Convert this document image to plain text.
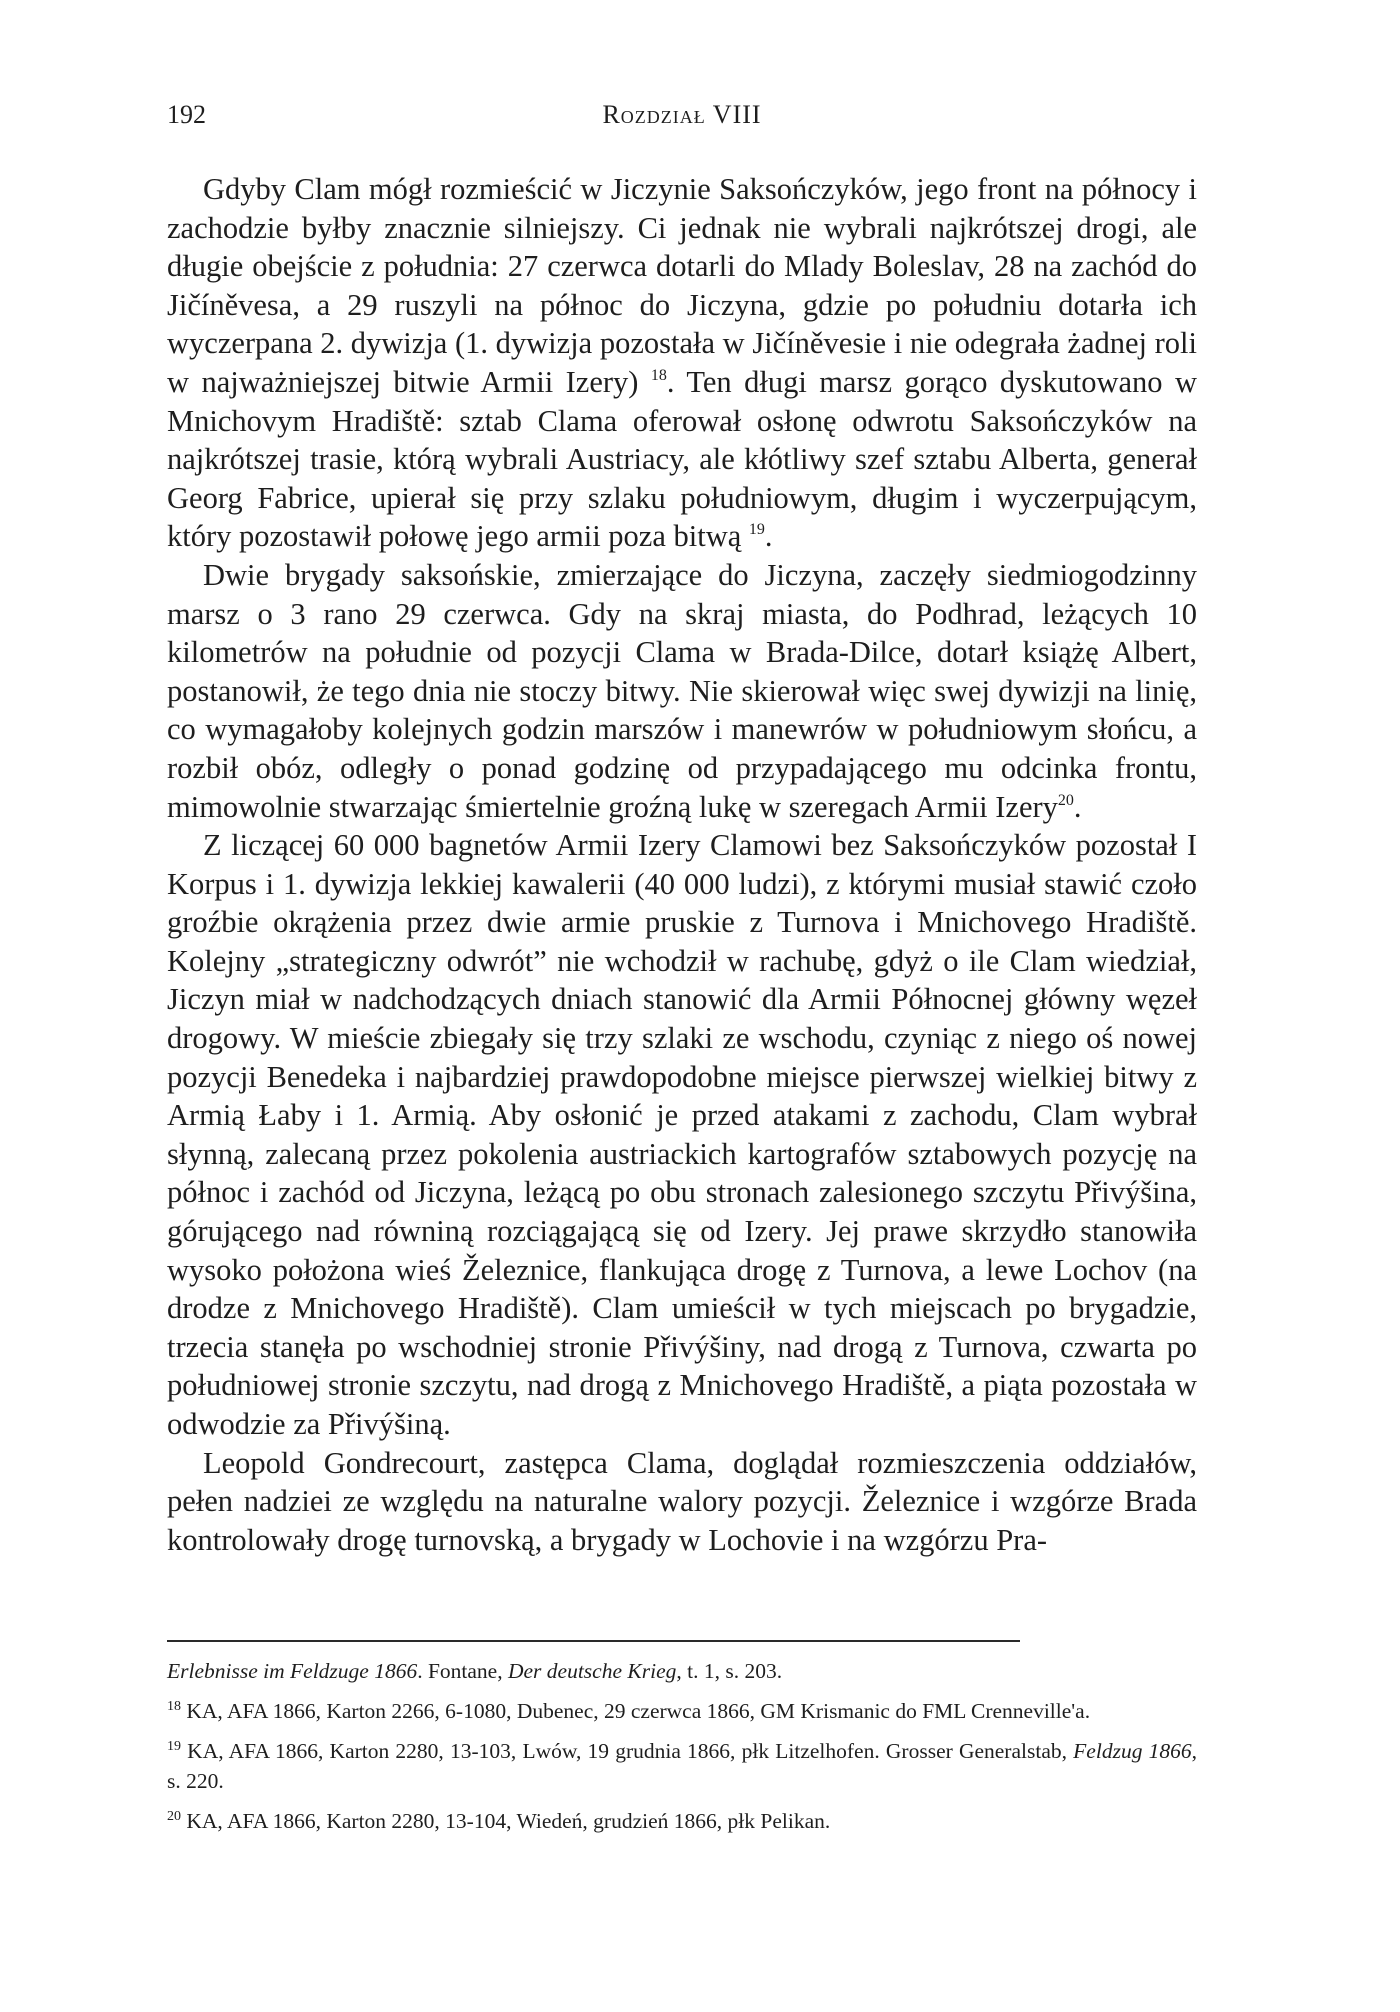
192	Rozdział VIII

Gdyby Clam mógł rozmieścić w Jiczynie Saksończyków, jego front na północy i zachodzie byłby znacznie silniejszy. Ci jednak nie wybrali najkrótszej drogi, ale długie obejście z południa: 27 czerwca dotarli do Mlady Boleslav, 28 na zachód do Jičíněvesa, a 29 ruszyli na północ do Jiczyna, gdzie po południu dotarła ich wyczerpana 2. dywizja (1. dywizja pozostała w Jičíněvesie i nie odegrała żadnej roli w najważniejszej bitwie Armii Izery) $^{18}$. Ten długi marsz gorąco dyskutowano w Mnichovym Hradiště: sztab Clama oferował osłonę odwrotu Saksończyków na najkrótszej trasie, którą wybrali Austriacy, ale kłótliwy szef sztabu Alberta, generał Georg Fabrice, upierał się przy szlaku południowym, długim i wyczerpującym, który pozostawił połowę jego armii poza bitwą $^{19}$.

Dwie brygady saksońskie, zmierzające do Jiczyna, zaczęły siedmiogodzinny marsz o 3 rano 29 czerwca. Gdy na skraj miasta, do Podhrad, leżących 10 kilometrów na południe od pozycji Clama w Brada-Dilce, dotarł książę Albert, postanowił, że tego dnia nie stoczy bitwy. Nie skierował więc swej dywizji na linię, co wymagałoby kolejnych godzin marszów i manewrów w południowym słońcu, a rozbił obóz, odległy o ponad godzinę od przypadającego mu odcinka frontu, mimowolnie stwarzając śmiertelnie groźną lukę w szeregach Armii Izery$^{20}$.

Z liczącej 60 000 bagnetów Armii Izery Clamowi bez Saksończyków pozostał I Korpus i 1. dywizja lekkiej kawalerii (40 000 ludzi), z którymi musiał stawić czoło groźbie okrążenia przez dwie armie pruskie z Turnova i Mnichovego Hradiště. Kolejny „strategiczny odwrót” nie wchodził w rachubę, gdyż o ile Clam wiedział, Jiczyn miał w nadchodzących dniach stanowić dla Armii Północnej główny węzeł drogowy. W mieście zbiegały się trzy szlaki ze wschodu, czyniąc z niego oś nowej pozycji Benedeka i najbardziej prawdopodobne miejsce pierwszej wielkiej bitwy z Armią Łaby i 1. Armią. Aby osłonić je przed atakami z zachodu, Clam wybrał słynną, zalecaną przez pokolenia austriackich kartografów sztabowych pozycję na północ i zachód od Jiczyna, leżącą po obu stronach zalesionego szczytu Přivýšina, górującego nad równiną rozciągającą się od Izery. Jej prawe skrzydło stanowiła wysoko położona wieś Železnice, flankująca drogę z Turnova, a lewe Lochov (na drodze z Mnichovego Hradiště). Clam umieścił w tych miejscach po brygadzie, trzecia stanęła po wschodniej stronie Přivýšiny, nad drogą z Turnova, czwarta po południowej stronie szczytu, nad drogą z Mnichovego Hradiště, a piąta pozostała w odwodzie za Přivýšiną.

Leopold Gondrecourt, zastępca Clama, doglądał rozmieszczenia oddziałów, pełen nadziei ze względu na naturalne walory pozycji. Železnice i wzgórze Brada kontrolowały drogę turnovską, a brygady w Lochovie i na wzgórzu Pra-

Erlebnisse im Feldzuge 1866. Fontane, Der deutsche Krieg, t. 1, s. 203.

$^{18}$ KA, AFA 1866, Karton 2266, 6-1080, Dubenec, 29 czerwca 1866, GM Krismanic do FML Crenneville'a.

$^{19}$ KA, AFA 1866, Karton 2280, 13-103, Lwów, 19 grudnia 1866, płk Litzelhofen. Grosser Generalstab, Feldzug 1866, s. 220.

$^{20}$ KA, AFA 1866, Karton 2280, 13-104, Wiedeń, grudzień 1866, płk Pelikan.
